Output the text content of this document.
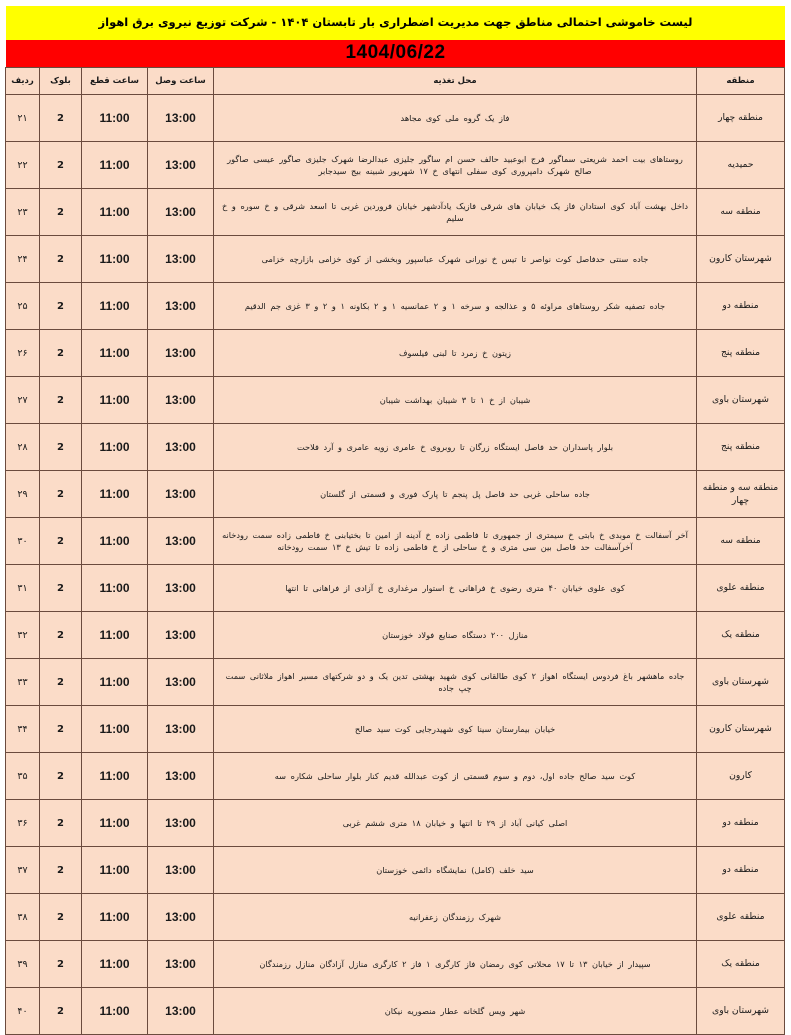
لیست خاموشی احتمالی مناطق جهت مدیریت اضطراری بار تابستان ۱۴۰۴ - شرکت توزیع نیروی برق اهواز
1404/06/22
منطقه	محل تغذیه	ساعت وصل	ساعت قطع	بلوک	ردیف
منطقه چهار	فاز یک گروه ملی کوی مجاهد	13:00	11:00	2	۲۱
حمیدیه	روستاهای بیت احمد شریعتی سماگور فرج ابوعبید حالف حسن ام ساگور جلیزی عبدالرضا شهرک جلیزی صاگور عیسی صاگور صالح شهرک دامپروری کوی سفلی انتهای خ ۱۷ شهریور شبینه بیج سیدجابر	13:00	11:00	2	۲۲
منطقه سه	داخل بهشت آباد کوی استادان فاز یک خیابان های شرقی فازیک یادآدشهر خیابان فروردین غربی تا اسعد شرقی و خ سوره و خ سلیم	13:00	11:00	2	۲۳
شهرستان کارون	جاده سنتی حدفاصل کوت نواصر تا تیس خ نورانی شهرک عباسپور وبخشی از کوی خزامی بازارچه خزامی	13:00	11:00	2	۲۴
منطقه دو	جاده تصفیه شکر روستاهای مراوئه ۵ و عذالجه و سرخه ۱ و ۲ عمانسیه ۱ و ۲ بکاونه ۱ و ۲ و ۳ غزی جم الدقیم	13:00	11:00	2	۲۵
منطقه پنج	زیتون خ زمرد تا لبنی فیلسوف	13:00	11:00	2	۲۶
شهرستان باوی	شیبان از خ ۱ تا ۳ شیبان بهداشت شیبان	13:00	11:00	2	۲۷
منطقه پنج	بلوار پاسداران حد فاصل ایستگاه زرگان تا روبروی خ عامری زویه عامری و آرد فلاحت	13:00	11:00	2	۲۸
منطقه سه و منطقه چهار	جاده ساحلی غربی حد فاصل پل پنجم تا پارک فوری و قسمتی از گلستان	13:00	11:00	2	۲۹
منطقه سه	آخر آسفالت خ موبدی خ بابتی خ سیمتری از جمهوری تا فاطمی زاده خ آدینه از امین تا بختیابنی خ فاطمی زاده سمت رودخانه آخرآسفالت حد فاصل بین سی متری و خ ساحلی از خ فاطمی زاده تا تیش خ ۱۳ سمت رودخانه	13:00	11:00	2	۳۰
منطقه علوی	کوی علوی خیابان ۴۰ متری رضوی خ فراهانی خ استوار مرغداری خ آزادی از فراهانی تا انتها	13:00	11:00	2	۳۱
منطقه یک	منازل ۲۰۰ دستگاه صنایع فولاد خوزستان	13:00	11:00	2	۳۲
شهرستان باوی	جاده ماهشهر باغ فردوس ایستگاه اهواز ۲ کوی طالقانی کوی شهید بهشتی تدین یک و دو شرکتهای مسیر اهواز ملاثانی سمت چپ جاده	13:00	11:00	2	۳۳
شهرستان کارون	خیابان بیمارستان سینا کوی شهیدرجایی کوت سید صالح	13:00	11:00	2	۳۴
کارون	کوت سید صالح جاده اول، دوم و سوم قسمتی از کوت عبدالله قدیم کنار بلوار ساحلی شکاره سه	13:00	11:00	2	۳۵
منطقه دو	اصلی کیانی آباد از ۲۹ تا انتها و خیابان ۱۸ متری ششم غربی	13:00	11:00	2	۳۶
منطقه دو	سید خلف (کامل) نمایشگاه دائمی خوزستان	13:00	11:00	2	۳۷
منطقه علوی	شهرک رزمندگان زعفرانیه	13:00	11:00	2	۳۸
منطقه یک	سپیدار از خیابان ۱۳ تا ۱۷ محلاتی کوی رمضان فاز کارگری ۱ فاز ۲ کارگری منازل آزادگان منازل رزمندگان	13:00	11:00	2	۳۹
شهرستان باوی	شهر ویس گلخانه عطار منصوریه نیکان	13:00	11:00	2	۴۰
